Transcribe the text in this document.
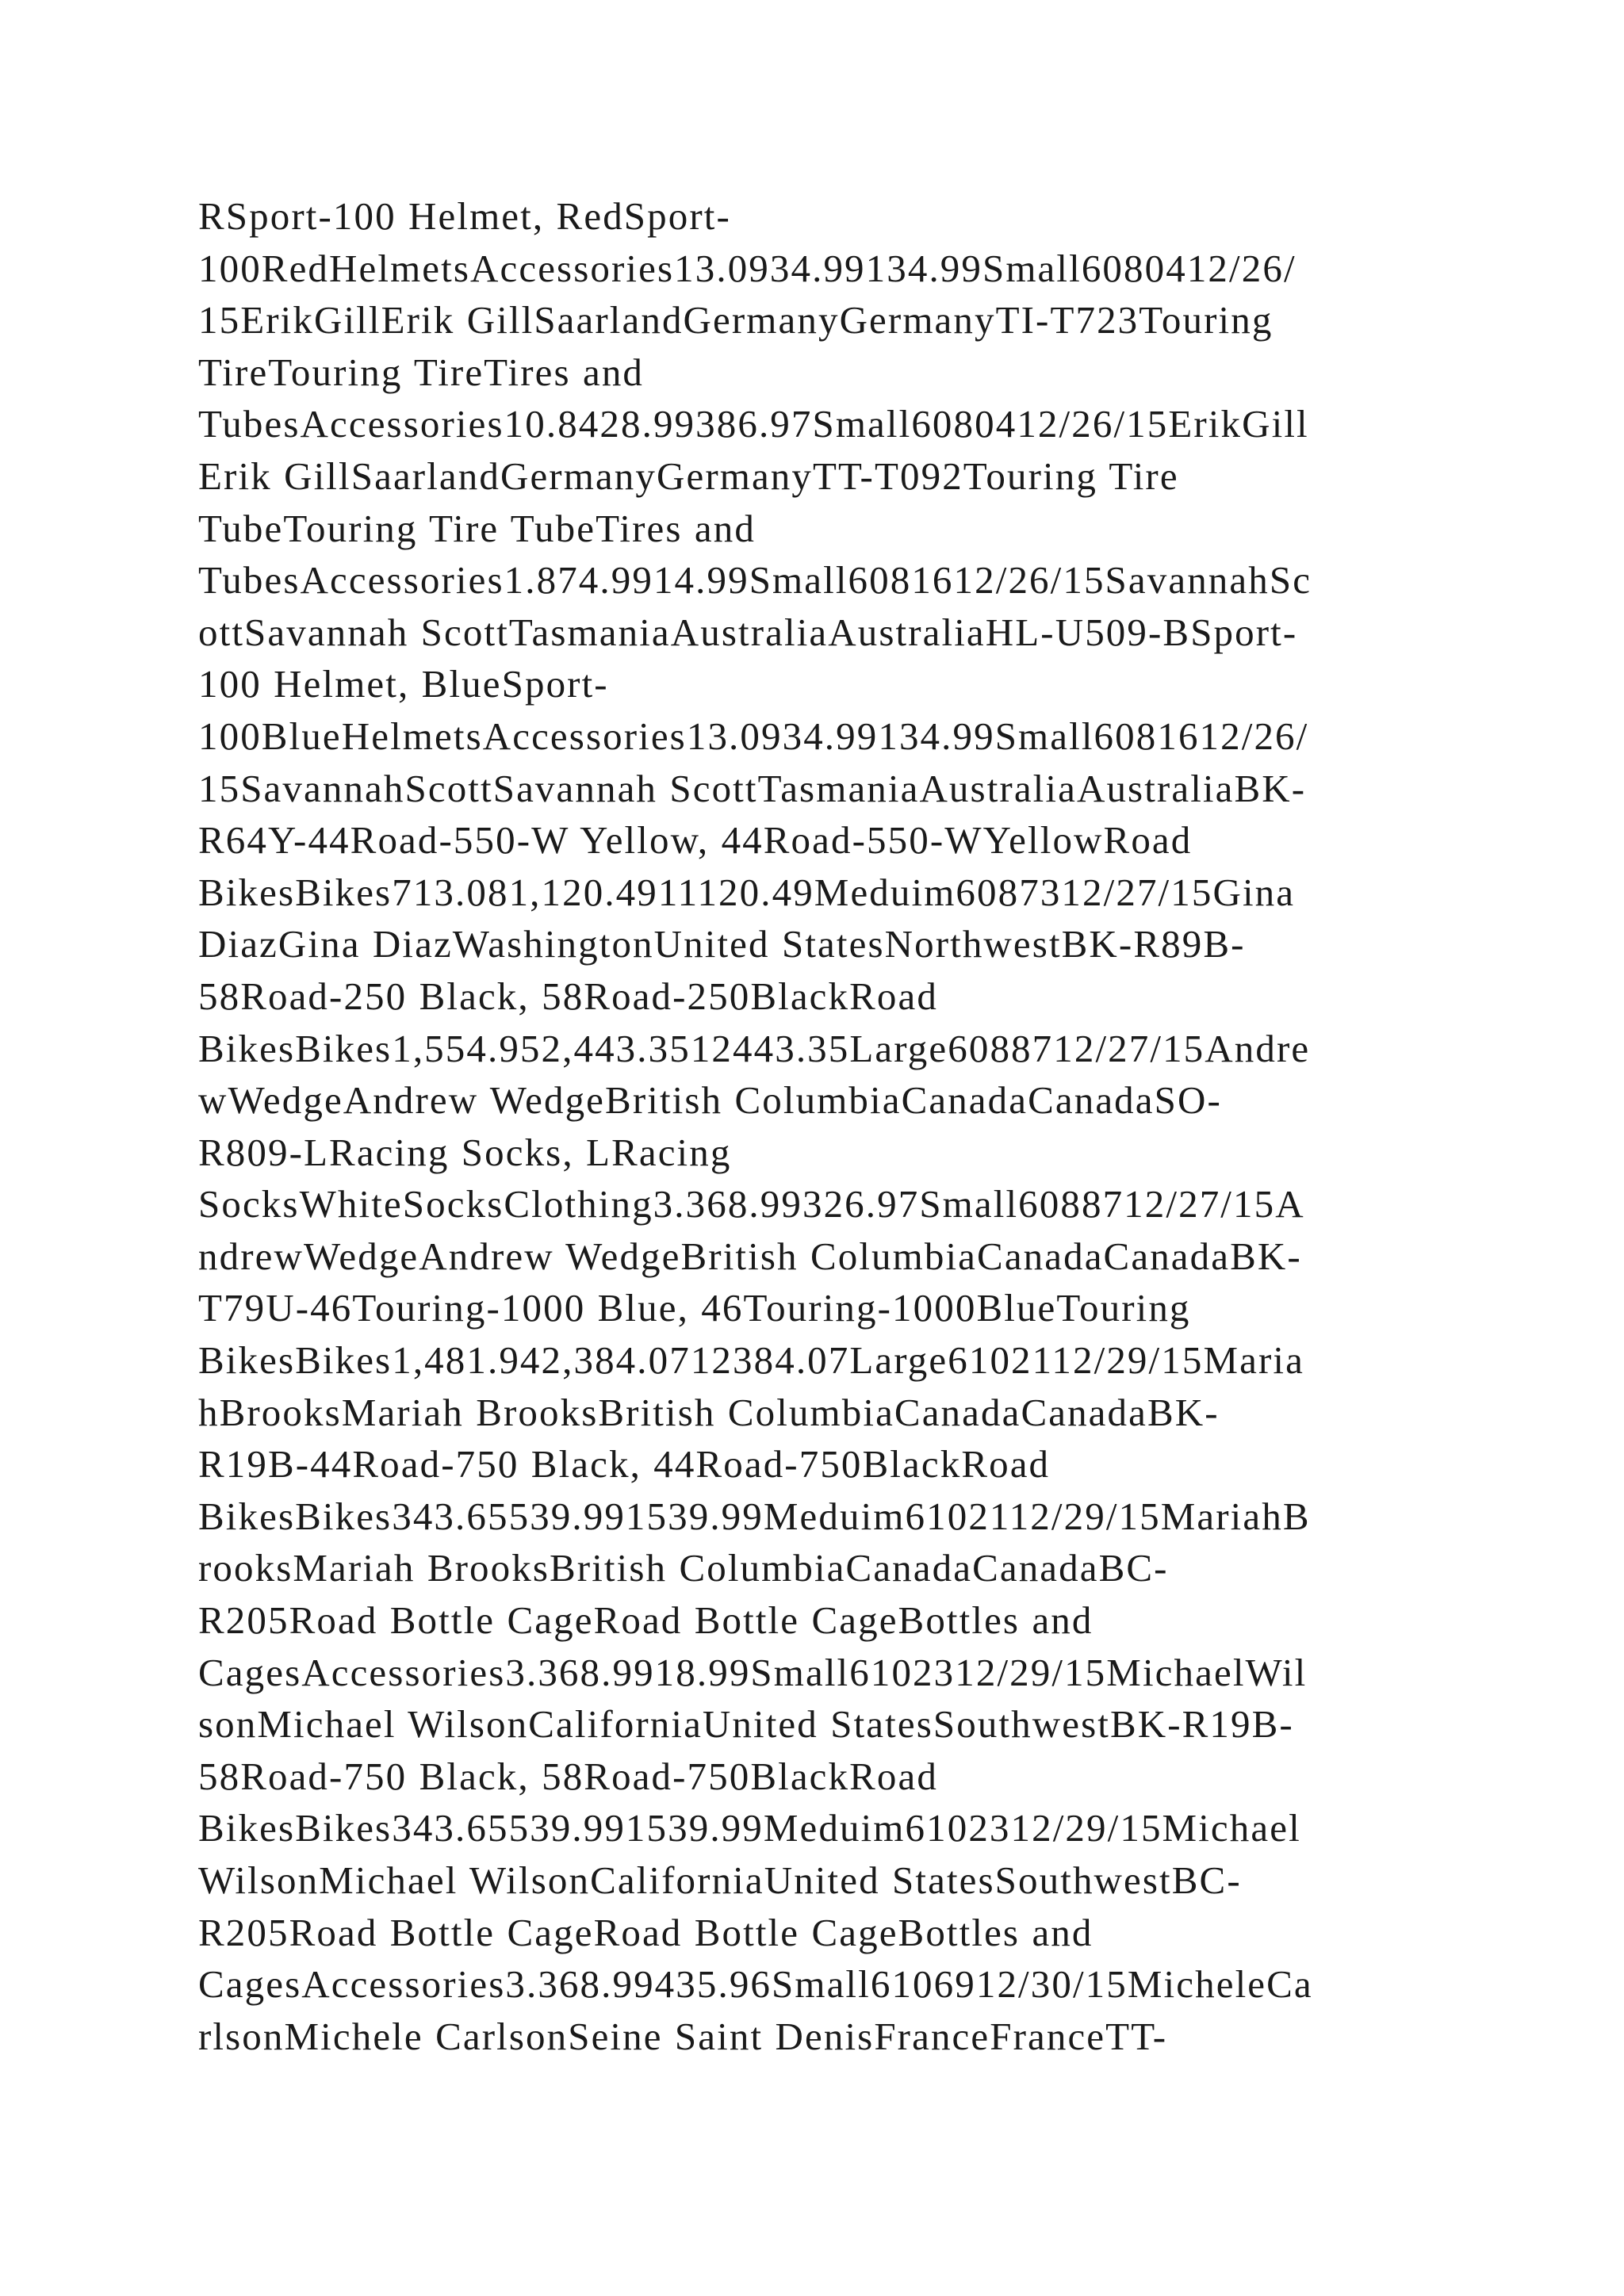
RSport-100 Helmet, RedSport-
100RedHelmetsAccessories13.0934.99134.99Small6080412/26/
15ErikGillErik GillSaarlandGermanyGermanyTI-T723Touring
TireTouring TireTires and
TubesAccessories10.8428.99386.97Small6080412/26/15ErikGill
Erik GillSaarlandGermanyGermanyTT-T092Touring Tire
TubeTouring Tire TubeTires and
TubesAccessories1.874.9914.99Small6081612/26/15SavannahSc
ottSavannah ScottTasmaniaAustraliaAustraliaHL-U509-BSport-
100 Helmet, BlueSport-
100BlueHelmetsAccessories13.0934.99134.99Small6081612/26/
15SavannahScottSavannah ScottTasmaniaAustraliaAustraliaBK-
R64Y-44Road-550-W Yellow, 44Road-550-WYellowRoad
BikesBikes713.081,120.4911120.49Meduim6087312/27/15Gina
DiazGina DiazWashingtonUnited StatesNorthwestBK-R89B-
58Road-250 Black, 58Road-250BlackRoad
BikesBikes1,554.952,443.3512443.35Large6088712/27/15Andre
wWedgeAndrew WedgeBritish ColumbiaCanadaCanadaSO-
R809-LRacing Socks, LRacing
SocksWhiteSocksClothing3.368.99326.97Small6088712/27/15A
ndrewWedgeAndrew WedgeBritish ColumbiaCanadaCanadaBK-
T79U-46Touring-1000 Blue, 46Touring-1000BlueTouring
BikesBikes1,481.942,384.0712384.07Large6102112/29/15Maria
hBrooksMariah BrooksBritish ColumbiaCanadaCanadaBK-
R19B-44Road-750 Black, 44Road-750BlackRoad
BikesBikes343.65539.991539.99Meduim6102112/29/15MariahB
rooksMariah BrooksBritish ColumbiaCanadaCanadaBC-
R205Road Bottle CageRoad Bottle CageBottles and
CagesAccessories3.368.9918.99Small6102312/29/15MichaelWil
sonMichael WilsonCaliforniaUnited StatesSouthwestBK-R19B-
58Road-750 Black, 58Road-750BlackRoad
BikesBikes343.65539.991539.99Meduim6102312/29/15Michael
WilsonMichael WilsonCaliforniaUnited StatesSouthwestBC-
R205Road Bottle CageRoad Bottle CageBottles and
CagesAccessories3.368.99435.96Small6106912/30/15MicheleCa
rlsonMichele CarlsonSeine Saint DenisFranceFranceTT-
